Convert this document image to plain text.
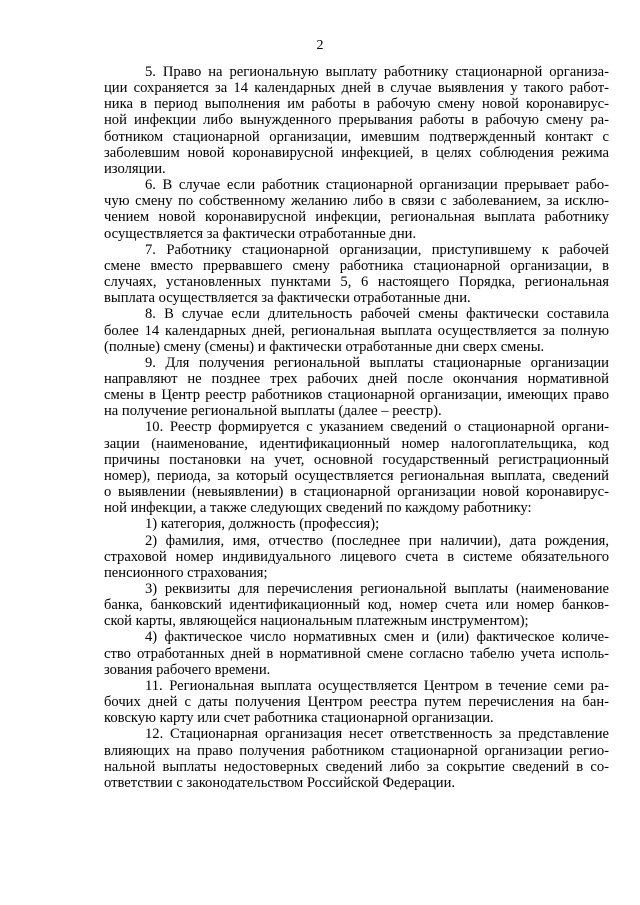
2

5. Право на региональную выплату работнику стационарной организа-
ции сохраняется за 14 календарных дней в случае выявления у такого работ-
ника в период выполнения им работы в рабочую смену новой коронавирус-
ной инфекции либо вынужденного прерывания работы в рабочую смену ра-
ботником стационарной организации, имевшим подтвержденный контакт с
заболевшим новой коронавирусной инфекцией, в целях соблюдения режима
изоляции.

6. В случае если работник стационарной организации прерывает рабо-
чую смену по собственному желанию либо в связи с заболеванием, за исклю-
чением новой коронавирусной инфекции, региональная выплата работнику
осуществляется за фактически отработанные дни.

7. Работнику стационарной организации, приступившему к рабочей
смене вместо прервавшего смену работника стационарной организации, в
случаях, установленных пунктами 5, 6 настоящего Порядка, региональная
выплата осуществляется за фактически отработанные дни.

8. В случае если длительность рабочей смены фактически составила
более 14 календарных дней, региональная выплата осуществляется за полную
(полные) смену (смены) и фактически отработанные дни сверх смены.

9. Для получения региональной выплаты стационарные организации
направляют не позднее трех рабочих дней после окончания нормативной
смены в Центр реестр работников стационарной организации, имеющих право
на получение региональной выплаты (далее – реестр).

10. Реестр формируется с указанием сведений о стационарной органи-
зации (наименование, идентификационный номер налогоплательщика, код
причины постановки на учет, основной государственный регистрационный
номер), периода, за который осуществляется региональная выплата, сведений
о выявлении (невыявлении) в стационарной организации новой коронавирус-
ной инфекции, а также следующих сведений по каждому работнику:

1) категория, должность (профессия);

2) фамилия, имя, отчество (последнее при наличии), дата рождения,
страховой номер индивидуального лицевого счета в системе обязательного
пенсионного страхования;

3) реквизиты для перечисления региональной выплаты (наименование
банка, банковский идентификационный код, номер счета или номер банков-
ской карты, являющейся национальным платежным инструментом);

4) фактическое число нормативных смен и (или) фактическое количе-
ство отработанных дней в нормативной смене согласно табелю учета исполь-
зования рабочего времени.

11. Региональная выплата осуществляется Центром в течение семи ра-
бочих дней с даты получения Центром реестра путем перечисления на бан-
ковскую карту или счет работника стационарной организации.

12. Стационарная организация несет ответственность за представление
влияющих на право получения работником стационарной организации регио-
нальной выплаты недостоверных сведений либо за сокрытие сведений в со-
ответствии с законодательством Российской Федерации.
